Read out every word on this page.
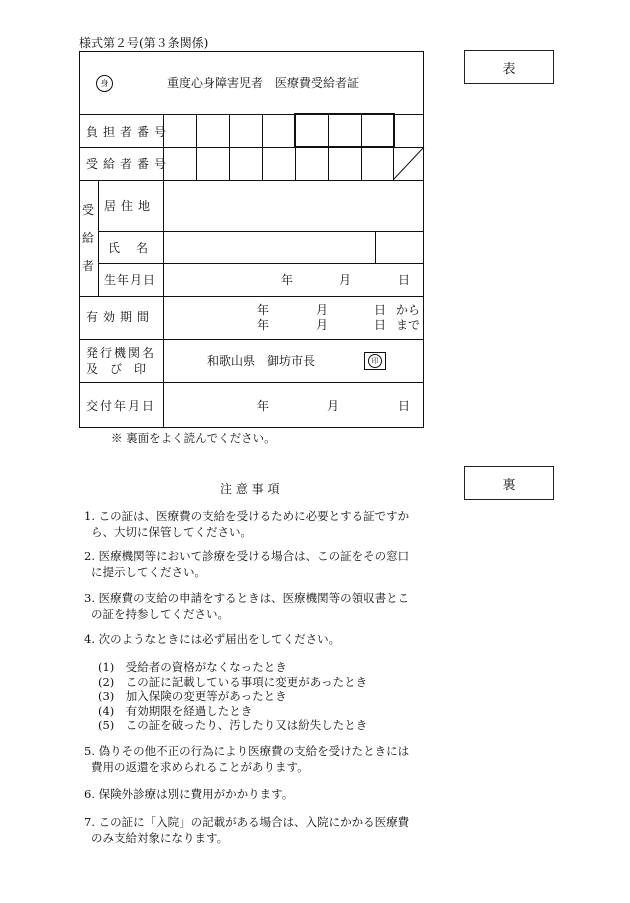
様式第２号(第３条関係)
表
裏
身	重度心身障害児者　医療費受給者証
負担者番号
受給者番号
受
給
者
居住地
氏　名
生年月日	年	月	日
有効期間	年	月	日 から
年	月	日 まで
発行機関名
及　び　印
和歌山県　御坊市長	印
交付年月日	年	月	日
※ 裏面をよく読んでください。
注 意 事 項
1. この証は、医療費の支給を受けるために必要とする証ですか
ら、大切に保管してください。
2. 医療機関等において診療を受ける場合は、この証をその窓口
に提示してください。
3. 医療費の支給の申請をするときは、医療機関等の領収書とこ
の証を持参してください。
4. 次のようなときには必ず届出をしてください。
(1)　受給者の資格がなくなったとき
(2)　この証に記載している事項に変更があったとき
(3)　加入保険の変更等があったとき
(4)　有効期限を経過したとき
(5)　この証を破ったり、汚したり又は紛失したとき
5. 偽りその他不正の行為により医療費の支給を受けたときには
費用の返還を求められることがあります。
6. 保険外診療は別に費用がかかります。
7. この証に「入院」の記載がある場合は、入院にかかる医療費
のみ支給対象になります。
